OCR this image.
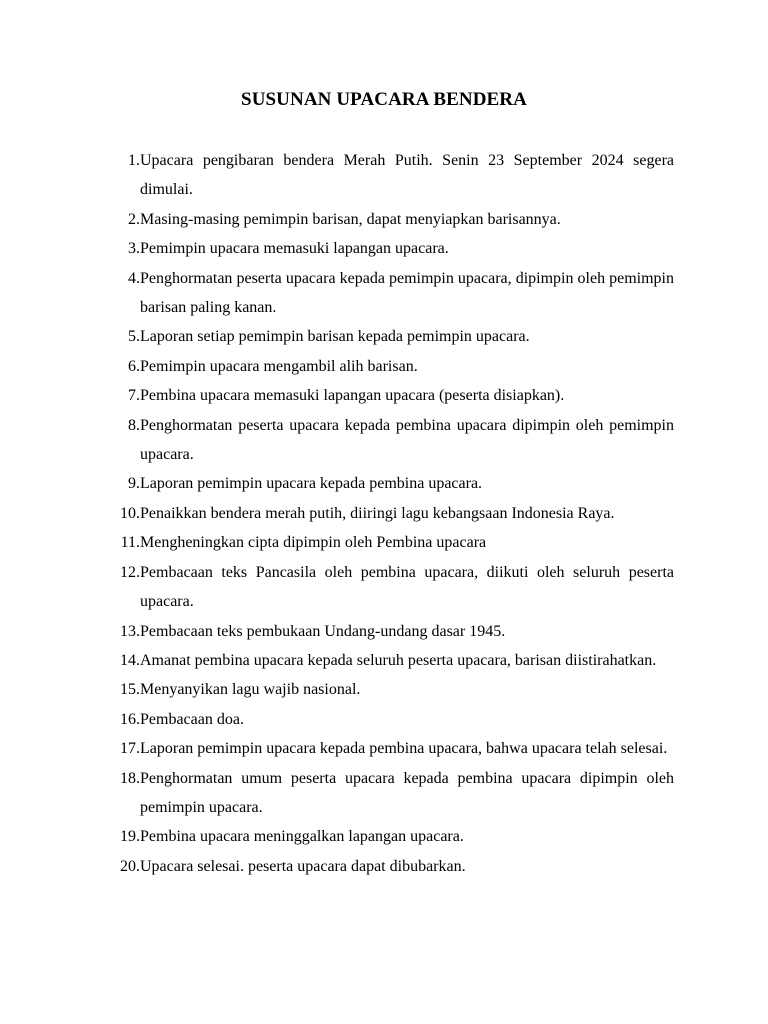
SUSUNAN UPACARA BENDERA
1. Upacara pengibaran bendera Merah Putih. Senin 23 September 2024 segera dimulai.
2. Masing-masing pemimpin barisan, dapat menyiapkan barisannya.
3. Pemimpin upacara memasuki lapangan upacara.
4. Penghormatan peserta upacara kepada pemimpin upacara, dipimpin oleh pemimpin barisan paling kanan.
5. Laporan setiap pemimpin barisan kepada pemimpin upacara.
6. Pemimpin upacara mengambil alih barisan.
7. Pembina upacara memasuki lapangan upacara (peserta disiapkan).
8. Penghormatan peserta upacara kepada pembina upacara dipimpin oleh pemimpin upacara.
9. Laporan pemimpin upacara kepada pembina upacara.
10. Penaikkan bendera merah putih, diiringi lagu kebangsaan Indonesia Raya.
11. Mengheningkan cipta dipimpin oleh Pembina upacara
12. Pembacaan teks Pancasila oleh pembina upacara, diikuti oleh seluruh peserta upacara.
13. Pembacaan teks pembukaan Undang-undang dasar 1945.
14. Amanat pembina upacara kepada seluruh peserta upacara, barisan diistirahatkan.
15. Menyanyikan lagu wajib nasional.
16. Pembacaan doa.
17. Laporan pemimpin upacara kepada pembina upacara, bahwa upacara telah selesai.
18. Penghormatan umum peserta upacara kepada pembina upacara dipimpin oleh pemimpin upacara.
19. Pembina upacara meninggalkan lapangan upacara.
20. Upacara selesai. peserta upacara dapat dibubarkan.
